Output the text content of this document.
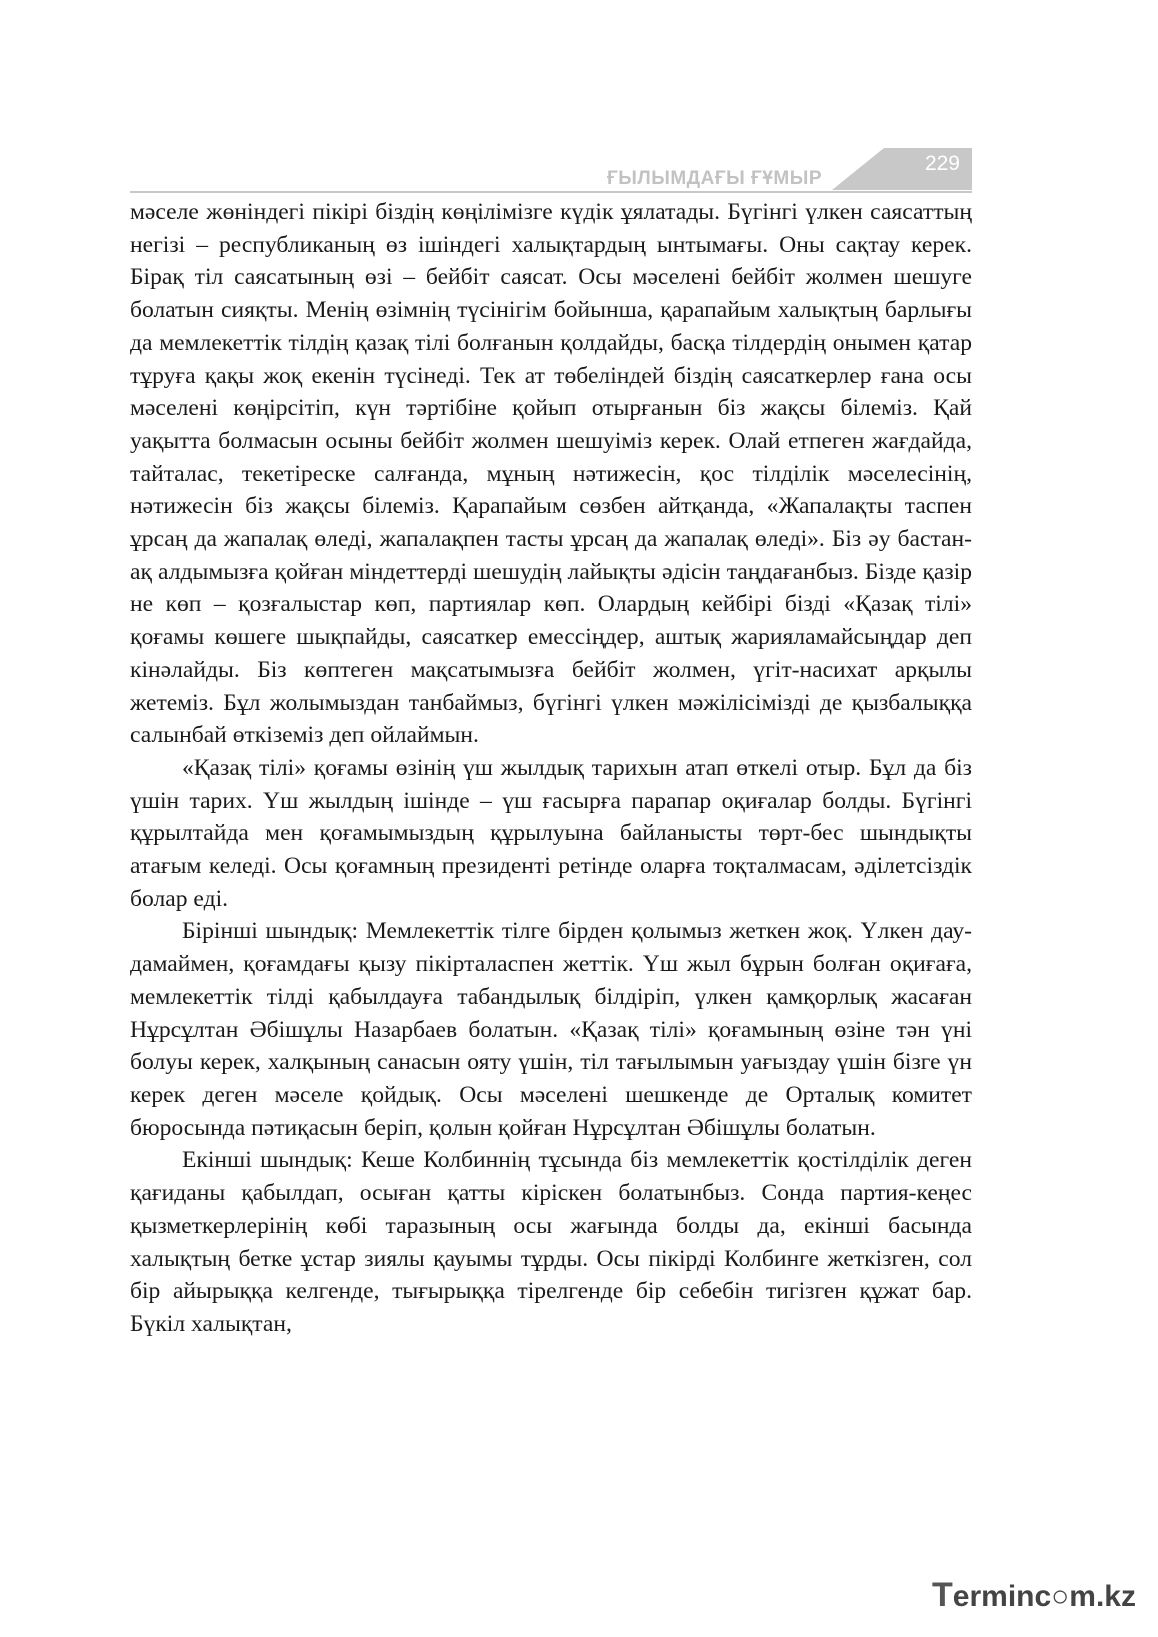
ҒЫЛЫМДАҒЫ ҒҰМЫР
229

мәселе жөніндегі пікірі біздің көңілімізге күдік ұялатады. Бүгінгі үлкен саясаттың негізі – республиканың өз ішіндегі халықтардың ынтымағы. Оны сақтау керек. Бірақ тіл саясатының өзі – бейбіт саясат. Осы мәселені бейбіт жолмен шешуге болатын сияқты. Менің өзімнің түсінігім бойынша, қарапайым халықтың барлығы да мемлекеттік тілдің қазақ тілі болғанын қолдайды, басқа тілдердің онымен қатар тұруға қақы жоқ екенін түсінеді. Тек ат төбеліндей біздің саясаткерлер ғана осы мәселені көңірсітіп, күн тәртібіне қойып отырғанын біз жақсы білеміз. Қай уақытта болмасын осыны бейбіт жолмен шешуіміз керек. Олай етпеген жағдайда, тайталас, текетіреске салғанда, мұның нәтижесін, қос тілділік мәселесінің, нәтижесін біз жақсы білеміз. Қарапайым сөзбен айтқанда, «Жапалақты таспен ұрсаң да жапалақ өледі, жапалақпен тасты ұрсаң да жапалақ өледі». Біз әу бастан-ақ алдымызға қойған міндеттерді шешудің лайықты әдісін таңдағанбыз. Бізде қазір не көп – қозғалыстар көп, партиялар көп. Олардың кейбірі бізді «Қазақ тілі» қоғамы көшеге шықпайды, саясаткер емессіңдер, аштық жарияламайсыңдар деп кінәлайды. Біз көптеген мақсатымызға бейбіт жолмен, үгіт-насихат арқылы жетеміз. Бұл жолымыздан танбаймыз, бүгінгі үлкен мәжілісімізді де қызбалыққа салынбай өткіземіз деп ойлаймын.

«Қазақ тілі» қоғамы өзінің үш жылдық тарихын атап өткелі отыр. Бұл да біз үшін тарих. Үш жылдың ішінде – үш ғасырға парапар оқиғалар болды. Бүгінгі құрылтайда мен қоғамымыздың құрылуына байланысты төрт-бес шындықты атағым келеді. Осы қоғамның президенті ретінде оларға тоқталмасам, әділетсіздік болар еді.

Бірінші шындық: Мемлекеттік тілге бірден қолымыз жеткен жоқ. Үлкен дау-дамаймен, қоғамдағы қызу пікірталаспен жеттік. Үш жыл бұрын болған оқиғаға, мемлекеттік тілді қабылдауға табандылық білдіріп, үлкен қамқорлық жасаған Нұрсұлтан Әбішұлы Назарбаев болатын. «Қазақ тілі» қоғамының өзіне тән үні болуы керек, халқының санасын ояту үшін, тіл тағылымын уағыздау үшін бізге үн керек деген мәселе қойдық. Осы мәселені шешкенде де Орталық комитет бюросында пәтиқасын беріп, қолын қойған Нұрсұлтан Әбішұлы болатын.

Екінші шындық: Кеше Колбиннің тұсында біз мемлекеттік қостілділік деген қағиданы қабылдап, осыған қатты кіріскен болатынбыз. Сонда партия-кеңес қызметкерлерінің көбі таразының осы жағында болды да, екінші басында халықтың бетке ұстар зиялы қауымы тұрды. Осы пікірді Колбинге жеткізген, сол бір айырыққа келгенде, тығырыққа тірелгенде бір себебін тигізген құжат бар. Бүкіл халықтан,

Terminc○m.kz
